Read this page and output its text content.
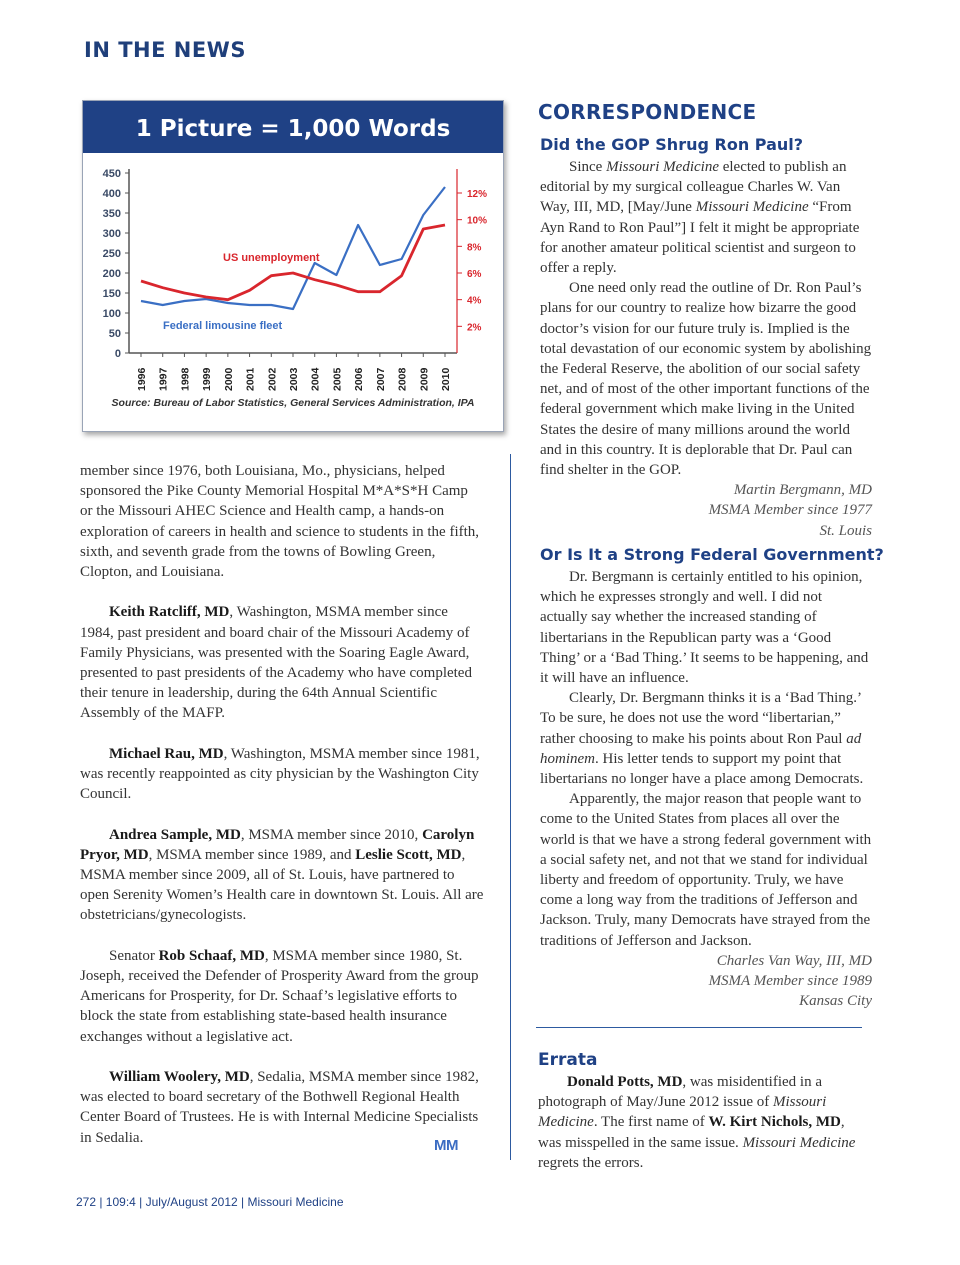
IN THE NEWS
1 Picture = 1,000 Words
0
50
100
150
200
250
300
350
400
450
2%
4%
6%
8%
10%
12%
1996 1997 1998 1999 2000 2001 2002 2003 2004 2005 2006 2007 2008 2009 2010
US unemployment
Federal limousine fleet
Source: Bureau of Labor Statistics, General Services Administration, IPA

member since 1976, both Louisiana, Mo., physicians, helped sponsored the Pike County Memorial Hospital M*A*S*H Camp or the Missouri AHEC Science and Health camp, a hands-on exploration of careers in health and science to students in the fifth, sixth, and seventh grade from the towns of Bowling Green, Clopton, and Louisiana.

Keith Ratcliff, MD, Washington, MSMA member since 1984, past president and board chair of the Missouri Academy of Family Physicians, was presented with the Soaring Eagle Award, presented to past presidents of the Academy who have completed their tenure in leadership, during the 64th Annual Scientific Assembly of the MAFP.

Michael Rau, MD, Washington, MSMA member since 1981, was recently reappointed as city physician by the Washington City Council.

Andrea Sample, MD, MSMA member since 2010, Carolyn Pryor, MD, MSMA member since 1989, and Leslie Scott, MD, MSMA member since 2009, all of St. Louis, have partnered to open Serenity Women’s Health care in downtown St. Louis. All are obstetricians/gynecologists.

Senator Rob Schaaf, MD, MSMA member since 1980, St. Joseph, received the Defender of Prosperity Award from the group Americans for Prosperity, for Dr. Schaaf’s legislative efforts to block the state from establishing state-based health insurance exchanges without a legislative act.

William Woolery, MD, Sedalia, MSMA member since 1982, was elected to board secretary of the Bothwell Regional Health Center Board of Trustees. He is with Internal Medicine Specialists in Sedalia.	MM
CORRESPONDENCE
Did the GOP Shrug Ron Paul?

Since Missouri Medicine elected to publish an editorial by my surgical colleague Charles W. Van Way, III, MD, [May/June Missouri Medicine “From Ayn Rand to Ron Paul”] I felt it might be appropriate for another amateur political scientist and surgeon to offer a reply.

One need only read the outline of Dr. Ron Paul’s plans for our country to realize how bizarre the good doctor’s vision for our future truly is. Implied is the total devastation of our economic system by abolishing the Federal Reserve, the abolition of our social safety net, and of most of the other important functions of the federal government which make living in the United States the desire of many millions around the world and in this country. It is deplorable that Dr. Paul can find shelter in the GOP.

Martin Bergmann, MD

MSMA Member since 1977

St. Louis

Or Is It a Strong Federal Government?

Dr. Bergmann is certainly entitled to his opinion, which he expresses strongly and well. I did not actually say whether the increased standing of libertarians in the Republican party was a ‘Good Thing’ or a ‘Bad Thing.’ It seems to be happening, and it will have an influence.

Clearly, Dr. Bergmann thinks it is a ‘Bad Thing.’ To be sure, he does not use the word “libertarian,” rather choosing to make his points about Ron Paul ad hominem. His letter tends to support my point that libertarians no longer have a place among Democrats.

Apparently, the major reason that people want to come to the United States from places all over the world is that we have a strong federal government with a social safety net, and not that we stand for individual liberty and freedom of opportunity. Truly, we have come a long way from the traditions of Jefferson and Jackson. Truly, many Democrats have strayed from the traditions of Jefferson and Jackson.

Charles Van Way, III, MD

MSMA Member since 1989

Kansas City

Errata

Donald Potts, MD, was misidentified in a photograph of May/June 2012 issue of Missouri Medicine. The first name of W. Kirt Nichols, MD, was misspelled in the same issue. Missouri Medicine regrets the errors.

272 | 109:4 | July/August 2012 | Missouri Medicine
